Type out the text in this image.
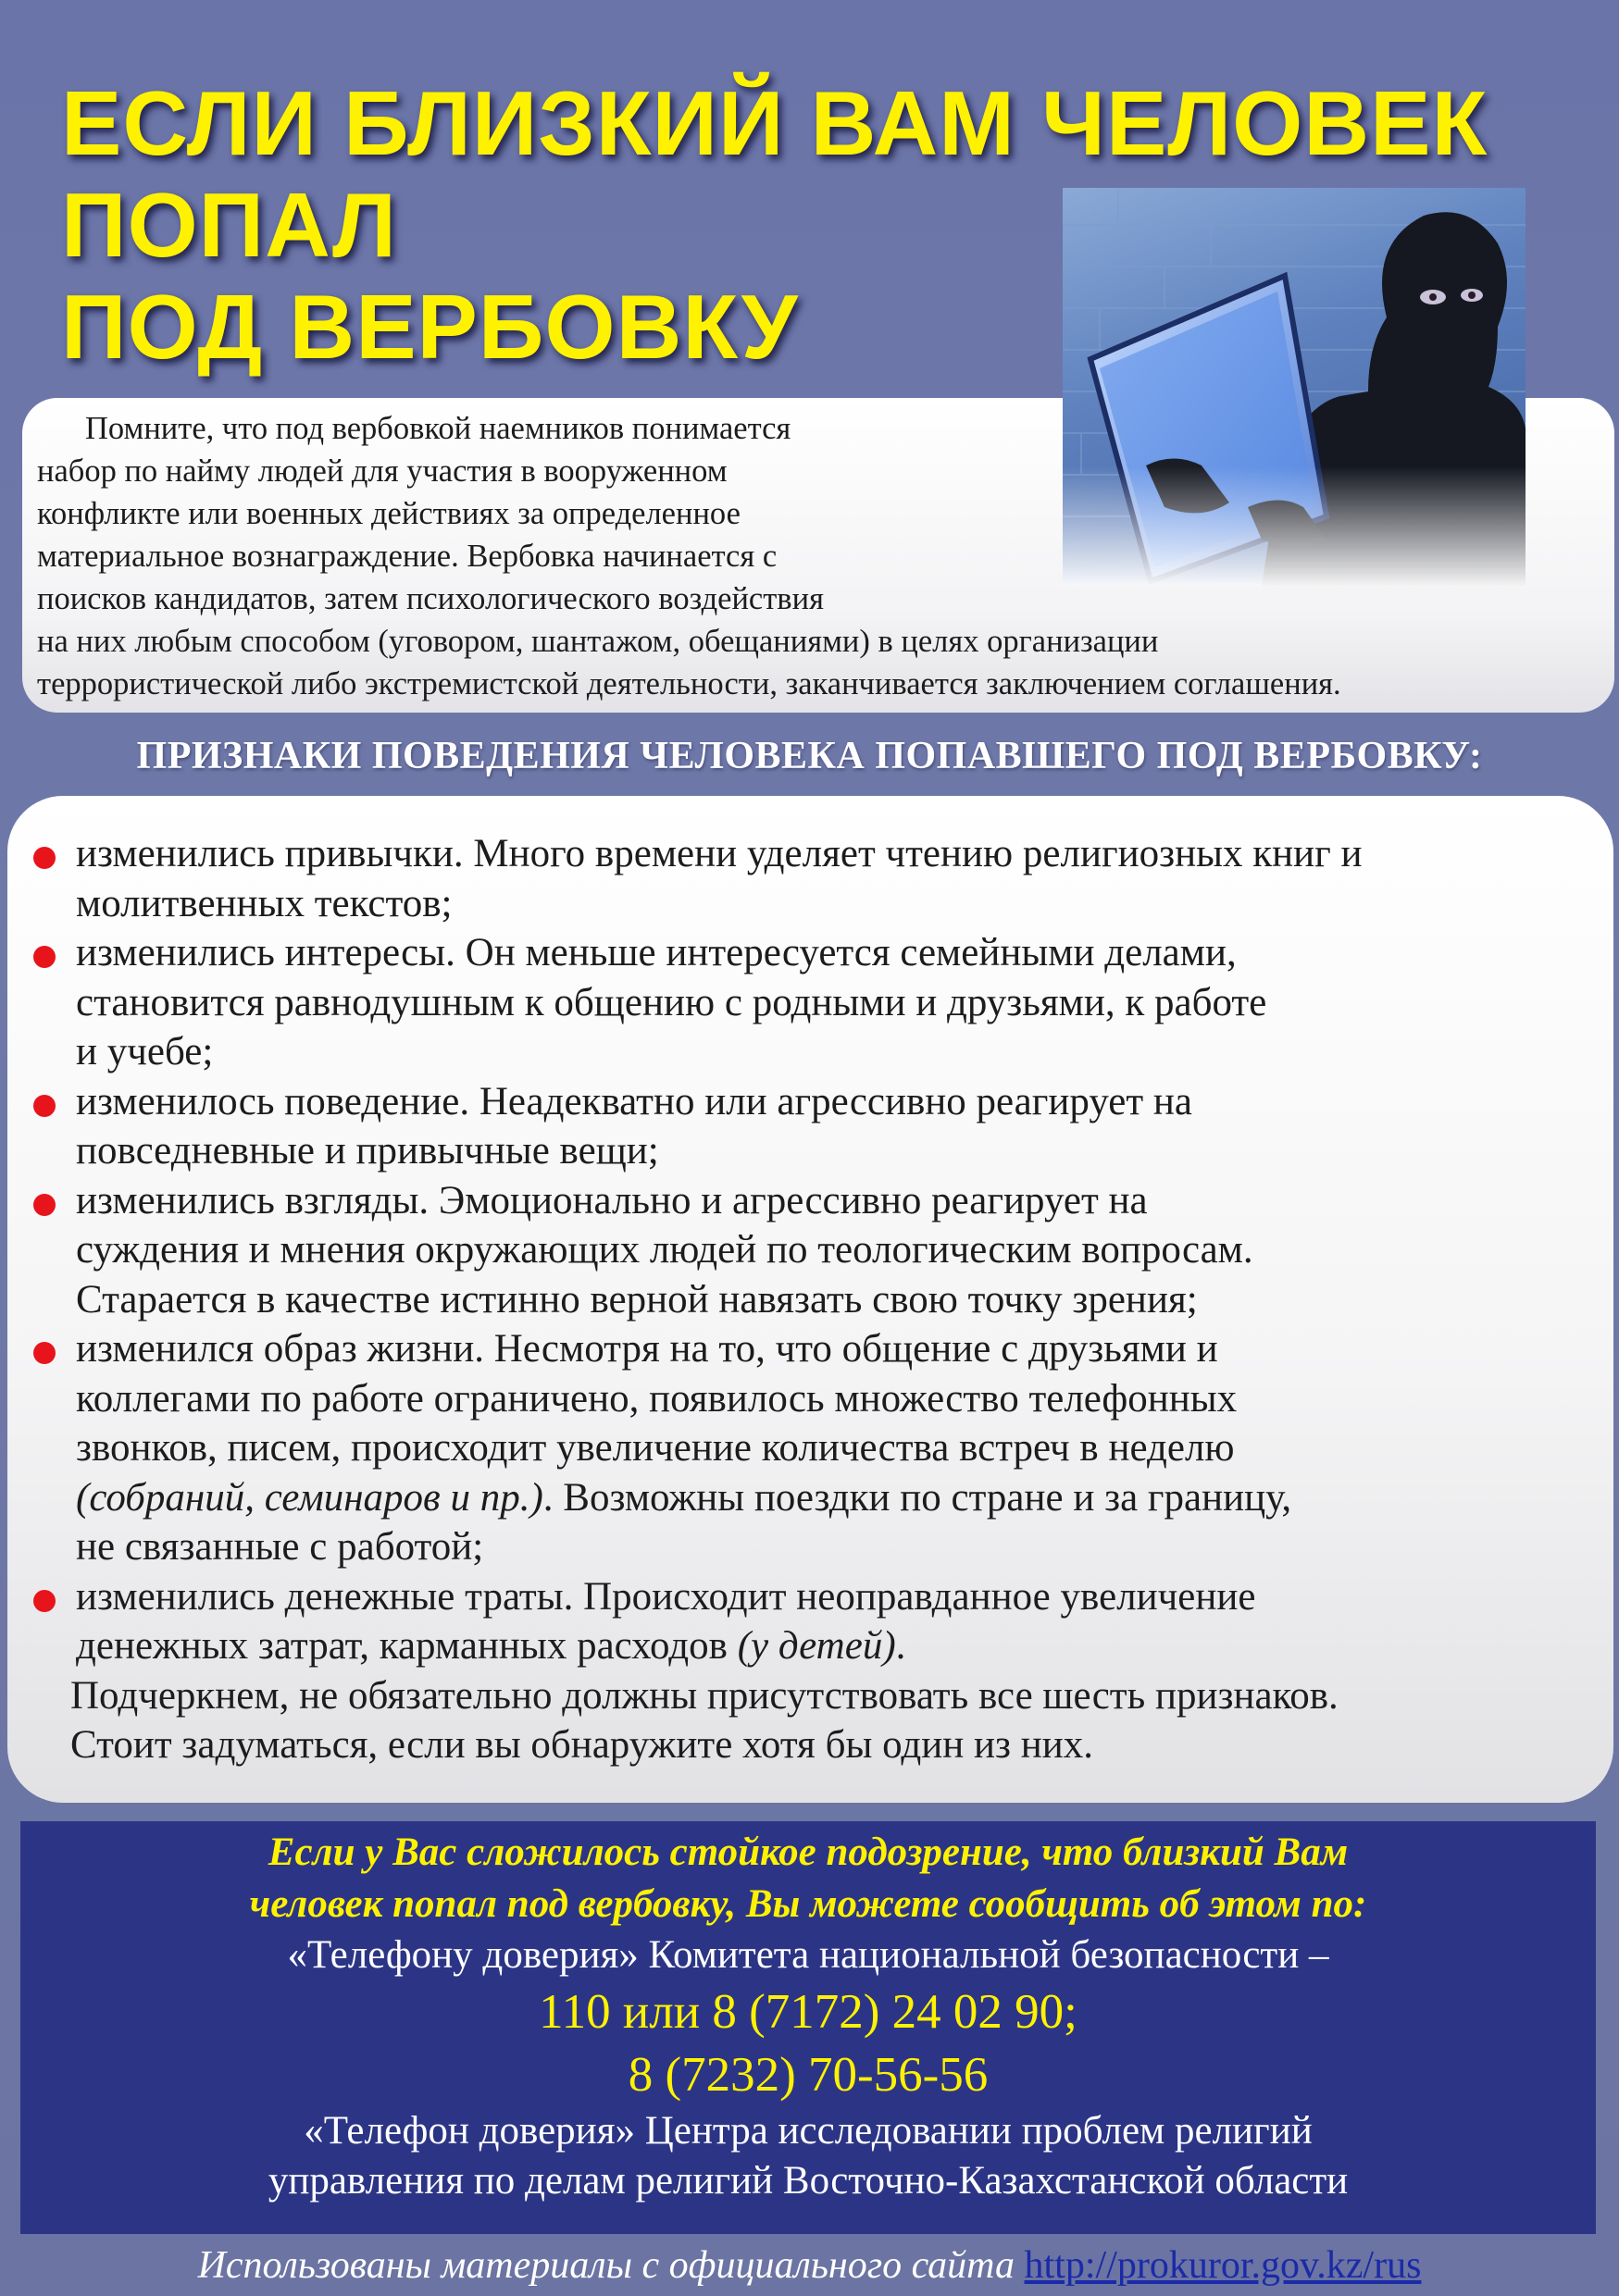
ЕСЛИ БЛИЗКИЙ ВАМ ЧЕЛОВЕК
ПОПАЛ
ПОД ВЕРБОВКУ
Помните, что под вербовкой наемников понимается
набор по найму людей для участия в вооруженном
конфликте или военных действиях за определенное
материальное вознаграждение. Вербовка начинается с
поисков кандидатов, затем психологического воздействия
на них любым способом (уговором, шантажом, обещаниями) в целях организации
террористической либо экстремистской деятельности, заканчивается заключением соглашения.
ПРИЗНАКИ ПОВЕДЕНИЯ ЧЕЛОВЕКА ПОПАВШЕГО ПОД ВЕРБОВКУ:
изменились привычки. Много времени уделяет чтению религиозных книг и
молитвенных текстов;
изменились интересы. Он меньше интересуется семейными делами,
становится равнодушным к общению с родными и друзьями, к работе
и учебе;
изменилось поведение. Неадекватно или агрессивно реагирует на
повседневные и привычные вещи;
изменились взгляды. Эмоционально и агрессивно реагирует на
суждения и мнения окружающих людей по теологическим вопросам.
Старается в качестве истинно верной навязать свою точку зрения;
изменился образ жизни. Несмотря на то, что общение с друзьями и
коллегами по работе ограничено, появилось множество телефонных
звонков, писем, происходит увеличение количества встреч в неделю
(собраний, семинаров и пр.). Возможны поездки по стране и за границу,
не связанные с работой;
изменились денежные траты. Происходит неоправданное увеличение
денежных затрат, карманных расходов (у детей).
Подчеркнем, не обязательно должны присутствовать все шесть признаков.
Стоит задуматься, если вы обнаружите хотя бы один из них.
Если у Вас сложилось стойкое подозрение, что близкий Вам
человек попал под вербовку, Вы можете сообщить об этом по:
«Телефону доверия» Комитета национальной безопасности –
110 или 8 (7172) 24 02 90;
8 (7232) 70-56-56
«Телефон доверия» Центра исследовании проблем религий
управления по делам религий Восточно-Казахстанской области
Использованы материалы с официального сайта http://prokuror.gov.kz/rus
